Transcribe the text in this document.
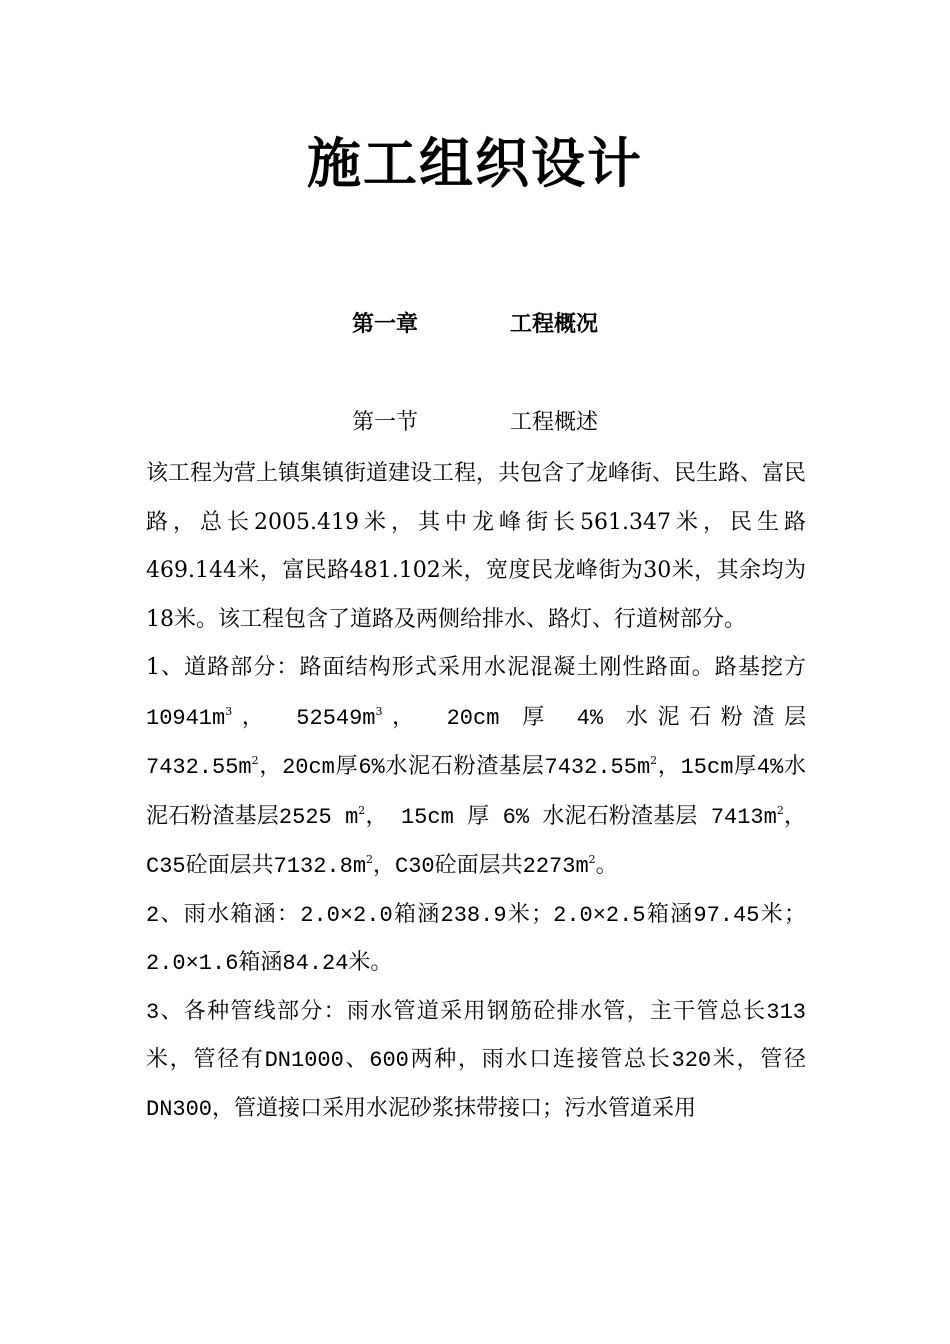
施工组织设计
第一章	工程概况
第一节	工程概述

该工程为营上镇集镇街道建设工程，共包含了龙峰街、民生路、富民路，总长2005.419米，其中龙峰街长561.347米，民生路469.144米，富民路481.102米，宽度民龙峰街为30米，其余均为18米。该工程包含了道路及两侧给排水、路灯、行道树部分。

1、道路部分：路面结构形式采用水泥混凝土刚性路面。路基挖方 $10941m^3$， $52549m^3$， 20cm 厚 4% 水泥石粉渣层 $7432.55m^2$，20cm厚6%水泥石粉渣基层$7432.55m^2$，15cm厚4%水泥石粉渣基层2525 $m^2$， 15cm 厚 6% 水泥石粉渣基层 $7413m^2$，C35砼面层共$7132.8m^2$，C30砼面层共$2273m^2$。

2、雨水箱涵：2.0×2.0箱涵238.9米；2.0×2.5箱涵97.45米；2.0×1.6箱涵84.24米。

3、各种管线部分：雨水管道采用钢筋砼排水管，主干管总长313米，管径有DN1000、600两种，雨水口连接管总长320米，管径DN300，管道接口采用水泥砂浆抹带接口；污水管道采用
